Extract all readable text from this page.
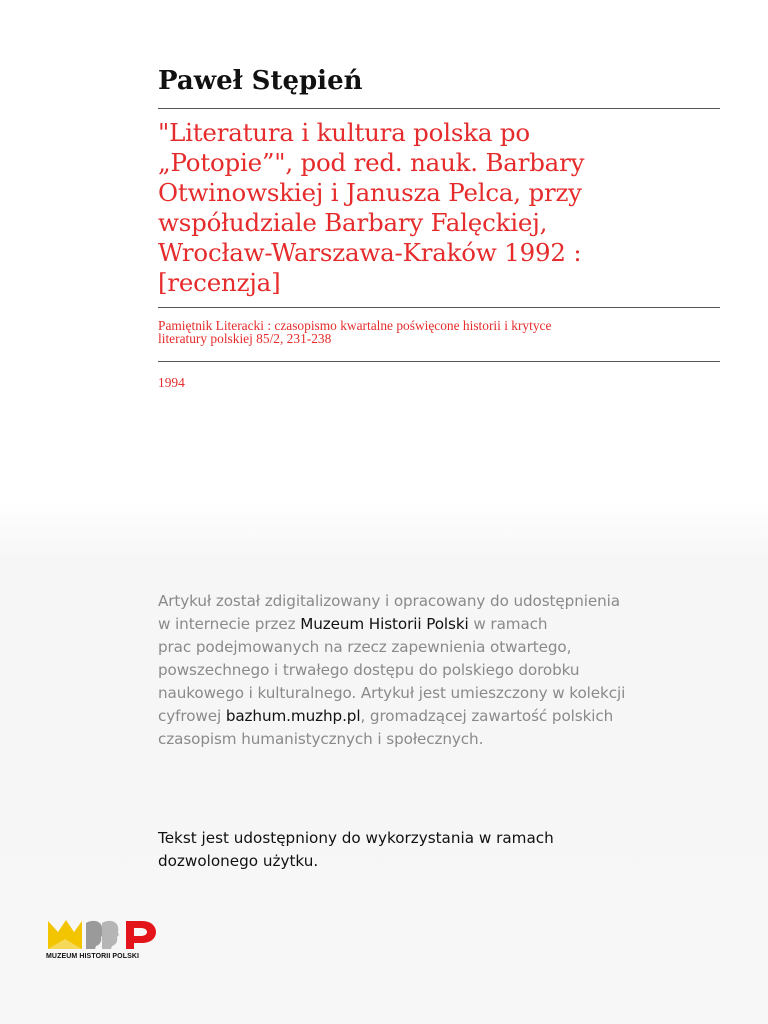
Paweł Stępień
"Literatura i kultura polska po
„Potopie”", pod red. nauk. Barbary
Otwinowskiej i Janusza Pelca, przy
współudziale Barbary Falęckiej,
Wrocław-Warszawa-Kraków 1992 :
[recenzja]
Pamiętnik Literacki : czasopismo kwartalne poświęcone historii i krytyce
literatury polskiej 85/2, 231-238
1994
Artykuł został zdigitalizowany i opracowany do udostępnienia
w internecie przez Muzeum Historii Polski w ramach
prac podejmowanych na rzecz zapewnienia otwartego,
powszechnego i trwałego dostępu do polskiego dorobku
naukowego i kulturalnego. Artykuł jest umieszczony w kolekcji
cyfrowej bazhum.muzhp.pl, gromadzącej zawartość polskich
czasopism humanistycznych i społecznych.
Tekst jest udostępniony do wykorzystania w ramach
dozwolonego użytku.
MUZEUM HISTORII POLSKI
